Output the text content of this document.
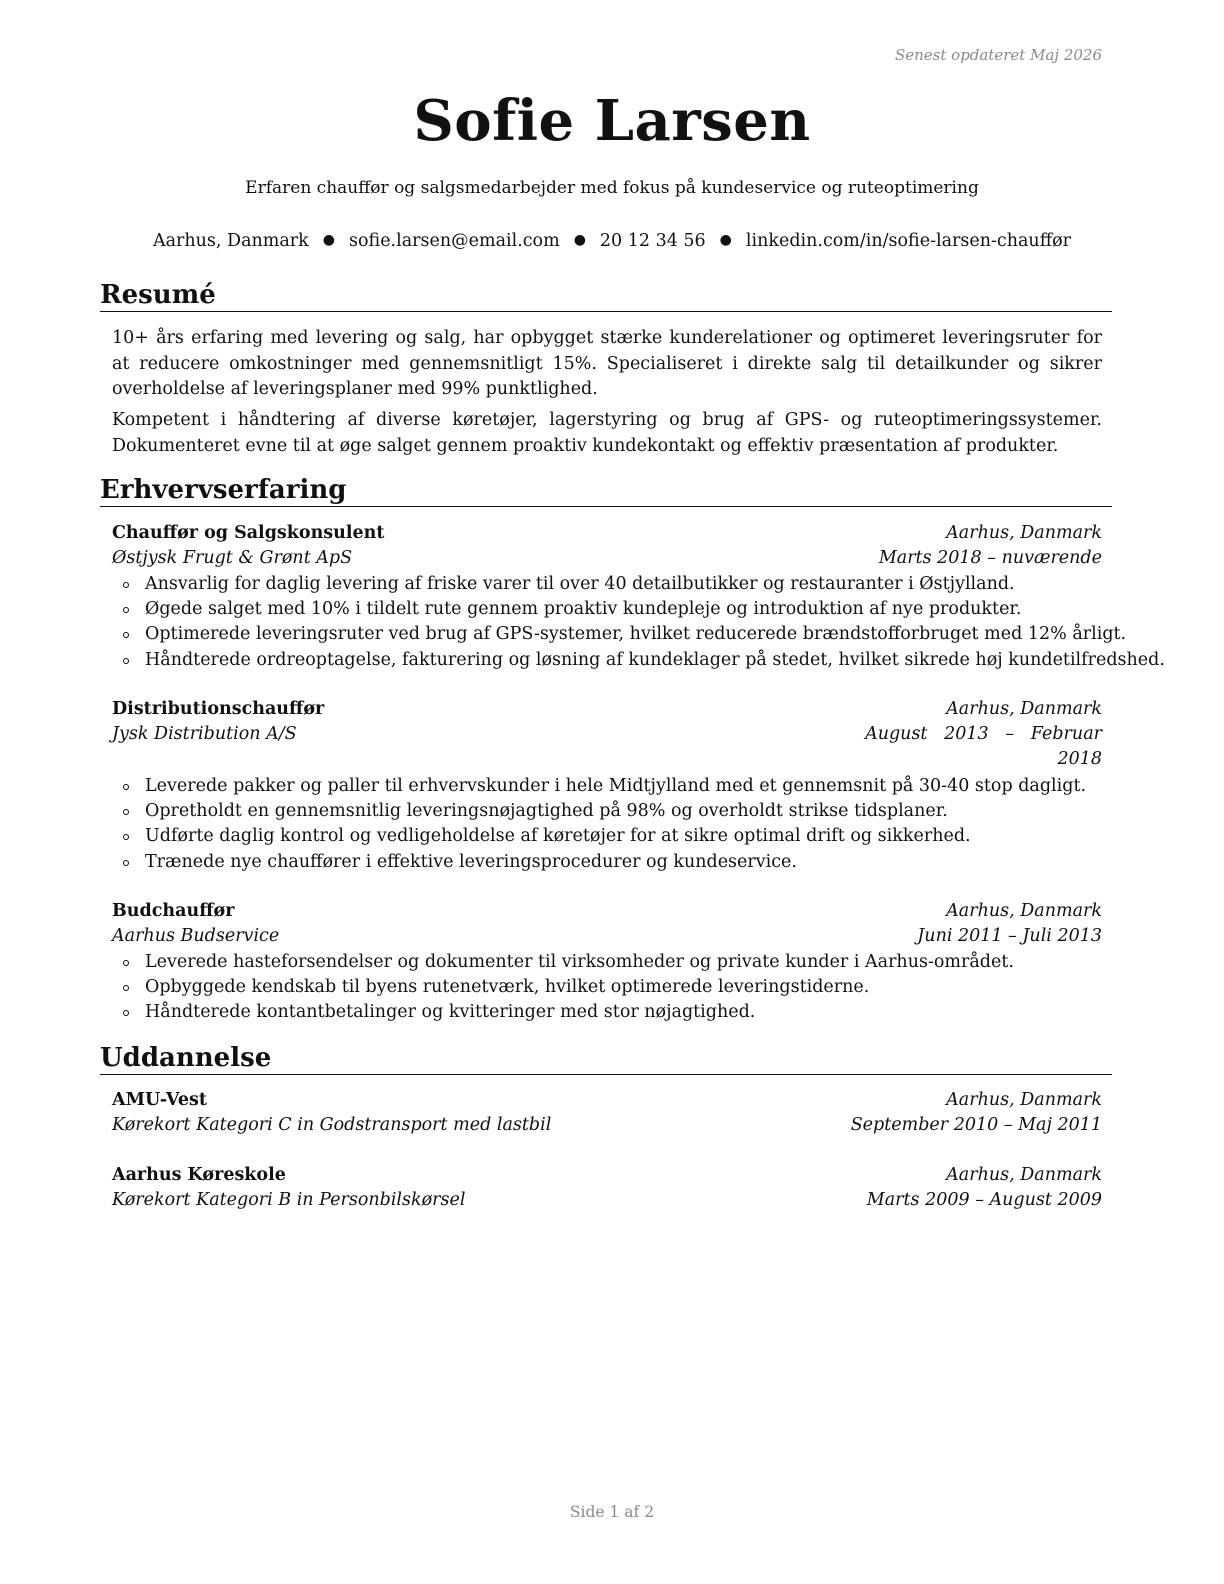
Senest opdateret Maj 2026
Sofie Larsen
Erfaren chauffør og salgsmedarbejder med fokus på kundeservice og ruteoptimering
Aarhus, Danmark ● sofie.larsen@email.com ● 20 12 34 56 ● linkedin.com/in/sofie-larsen-chauffør
Resumé
10+ års erfaring med levering og salg, har opbygget stærke kunderelationer og optimeret leveringsruter for at reducere omkostninger med gennemsnitligt 15%. Specialiseret i direkte salg til detailkunder og sikrer overholdelse af leveringsplaner med 99% punktlighed.
Kompetent i håndtering af diverse køretøjer, lagerstyring og brug af GPS- og ruteoptimeringssystemer. Dokumenteret evne til at øge salget gennem proaktiv kundekontakt og effektiv præsentation af produkter.
Erhvervserfaring
Chauffør og Salgskonsulent	Aarhus, Danmark
Østjysk Frugt & Grønt ApS	Marts 2018 – nuværende
Ansvarlig for daglig levering af friske varer til over 40 detailbutikker og restauranter i Østjylland.
Øgede salget med 10% i tildelt rute gennem proaktiv kundepleje og introduktion af nye produkter.
Optimerede leveringsruter ved brug af GPS-systemer, hvilket reducerede brændstofforbruget med 12% årligt.
Håndterede ordreoptagelse, fakturering og løsning af kundeklager på stedet, hvilket sikrede høj kundetilfredshed.
Distributionschauffør	Aarhus, Danmark
Jysk Distribution A/S	August   2013   –   Februar
2018
Leverede pakker og paller til erhvervskunder i hele Midtjylland med et gennemsnit på 30-40 stop dagligt.
Opretholdt en gennemsnitlig leveringsnøjagtighed på 98% og overholdt strikse tidsplaner.
Udførte daglig kontrol og vedligeholdelse af køretøjer for at sikre optimal drift og sikkerhed.
Trænede nye chauffører i effektive leveringsprocedurer og kundeservice.
Budchauffør	Aarhus, Danmark
Aarhus Budservice	Juni 2011 – Juli 2013
Leverede hasteforsendelser og dokumenter til virksomheder og private kunder i Aarhus-området.
Opbyggede kendskab til byens rutenetværk, hvilket optimerede leveringstiderne.
Håndterede kontantbetalinger og kvitteringer med stor nøjagtighed.
Uddannelse
AMU-Vest	Aarhus, Danmark
Kørekort Kategori C in Godstransport med lastbil	September 2010 – Maj 2011
Aarhus Køreskole	Aarhus, Danmark
Kørekort Kategori B in Personbilskørsel	Marts 2009 – August 2009
Side 1 af 2
